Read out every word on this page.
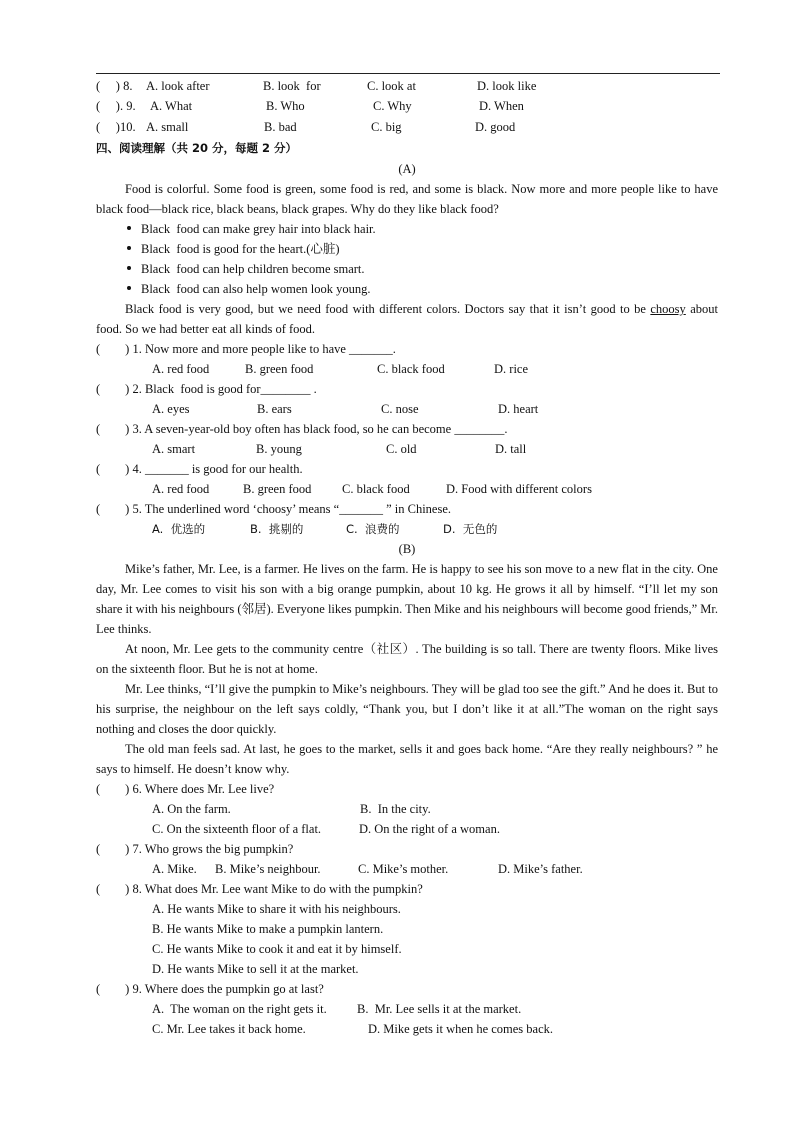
(     ) 8. A. look after	B. look  for	C. look at	D. look like
(     ). 9. A. What	B. Who	C. Why	D. When
(     )10. A. small	B. bad	C. big	D. good
四、阅读理解（共 20 分，每题 2 分）
(A)

Food is colorful. Some food is green, some food is red, and some is black. Now more and more people like to have black food—black rice, black beans, black grapes. Why do they like black food?

Black  food can make grey hair into black hair.
Black  food is good for the heart.(心脏)
Black  food can help children become smart.
Black  food can also help women look young.

Black food is very good, but we need food with different colors. Doctors say that it isn’t good to be choosy about food. So we had better eat all kinds of food.

(        ) 1. Now more and more people like to have _______.
A. red food	B. green food	C. black food	D. rice
(        ) 2. Black  food is good for________ .
A. eyes	B. ears	C. nose	D. heart
(        ) 3. A seven-year-old boy often has black food, so he can become ________.
A. smart	B. young	C. old	D. tall
(        ) 4. _______ is good for our health.
A. red food	B. green food C. black food	D. Food with different colors
(        ) 5. The underlined word ‘choosy’ means “_______ ” in Chinese.
A.  优选的	B.  挑剔的	C.  浪费的	D.  无色的
(B)

Mike’s father, Mr. Lee, is a farmer. He lives on the farm. He is happy to see his son move to a new flat in the city. One day, Mr. Lee comes to visit his son with a big orange pumpkin, about 10 kg. He grows it all by himself. “I’ll let my son share it with his neighbours (邻居). Everyone likes pumpkin. Then Mike and his neighbours will become good friends,” Mr. Lee thinks.

At noon, Mr. Lee gets to the community centre（社区）. The building is so tall. There are twenty floors. Mike lives on the sixteenth floor. But he is not at home.

Mr. Lee thinks, “I’ll give the pumpkin to Mike’s neighbours. They will be glad too see the gift.” And he does it. But to his surprise, the neighbour on the left says coldly, “Thank you, but I don’t like it at all.”The woman on the right says nothing and closes the door quickly.

The old man feels sad. At last, he goes to the market, sells it and goes back home. “Are they really neighbours? ” he says to himself. He doesn’t know why.

(        ) 6. Where does Mr. Lee live?
A. On the farm.	B.  In the city.
C. On the sixteenth floor of a flat.	D. On the right of a woman.
(        ) 7. Who grows the big pumpkin?
A. Mike. B. Mike’s neighbour.	C. Mike’s mother.	D. Mike’s father.
(        ) 8. What does Mr. Lee want Mike to do with the pumpkin?
A. He wants Mike to share it with his neighbours.
B. He wants Mike to make a pumpkin lantern.
C. He wants Mike to cook it and eat it by himself.
D. He wants Mike to sell it at the market.
(        ) 9. Where does the pumpkin go at last?
A.  The woman on the right gets it. B.  Mr. Lee sells it at the market.
C. Mr. Lee takes it back home.	D. Mike gets it when he comes back.
